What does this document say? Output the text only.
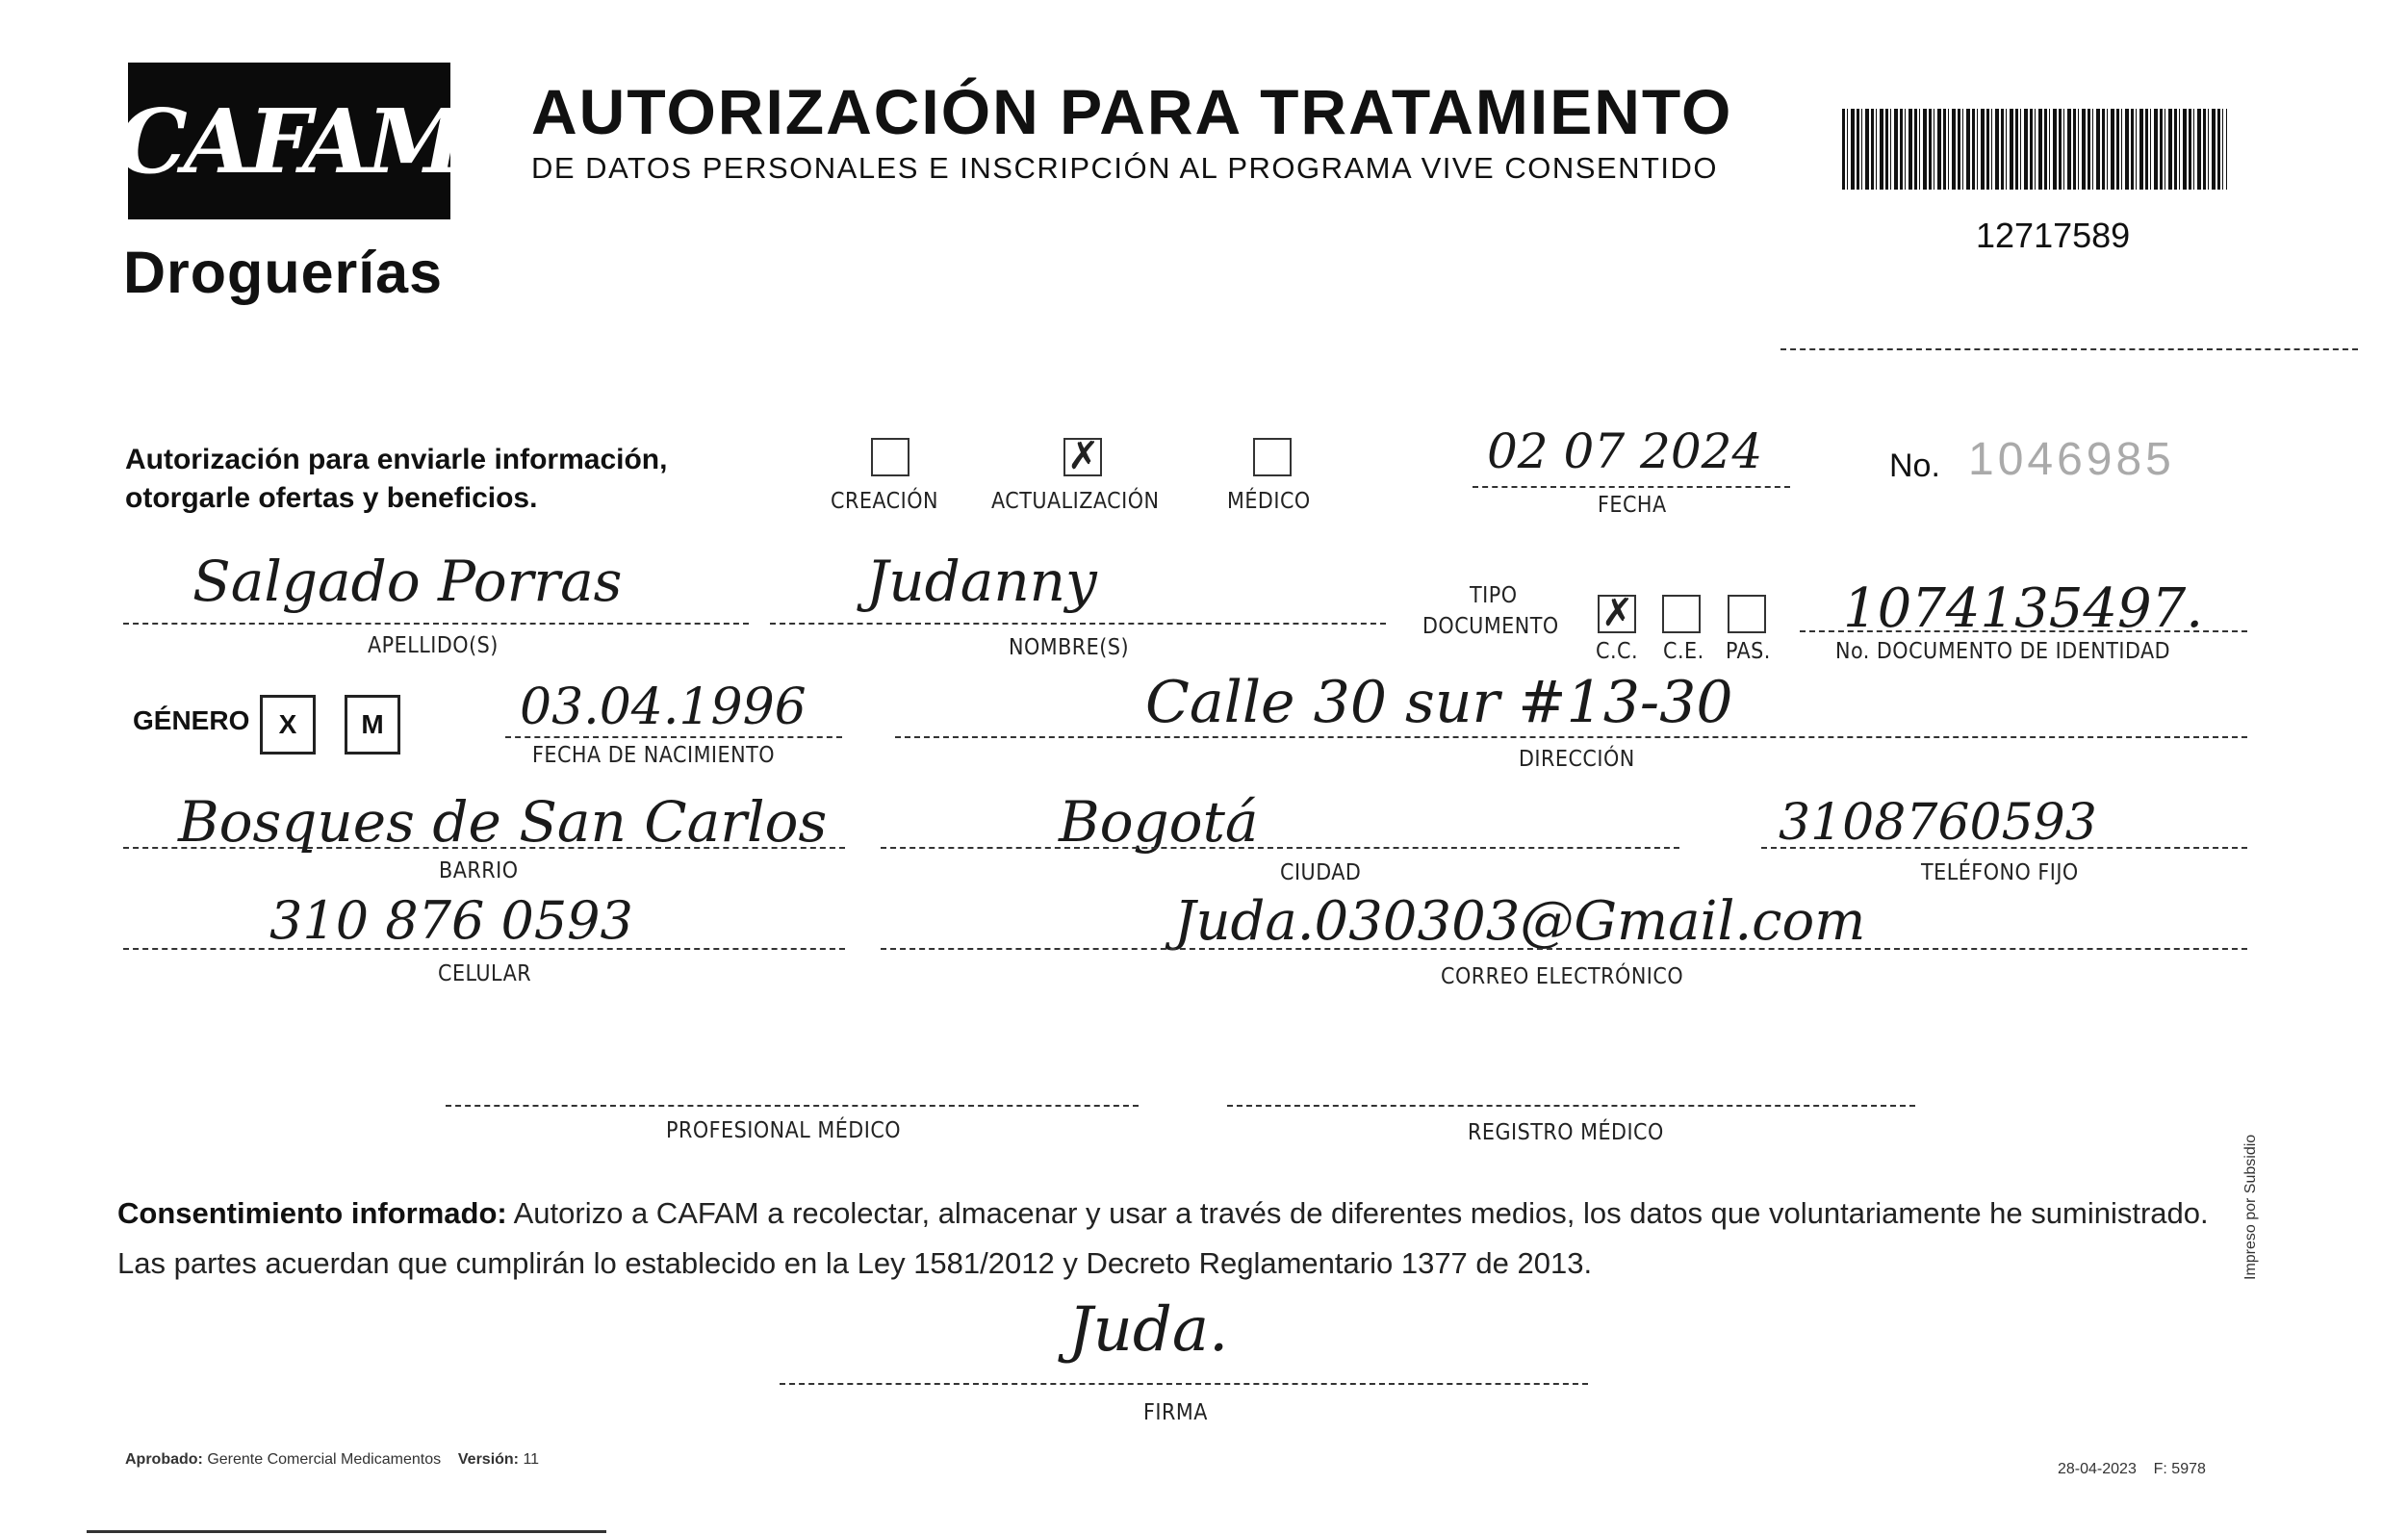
CAFAM
Droguerías
AUTORIZACIÓN PARA TRATAMIENTO
DE DATOS PERSONALES E INSCRIPCIÓN AL PROGRAMA VIVE CONSENTIDO
12717589
Autorización para enviarle información,
otorgarle ofertas y beneficios.	CREACIÓN
✗ ACTUALIZACIÓN	MÉDICO
02 07 2024
FECHA
No. 1046985
Salgado Porras
APELLIDO(S)
Judanny
NOMBRE(S)
TIPO
DOCUMENTO
✗
C.C. C.E. PAS.
1074135497.
No. DOCUMENTO DE IDENTIDAD
GÉNERO	X	M	03.04.1996
FECHA DE NACIMIENTO
Calle 30 sur #13-30
DIRECCIÓN
Bosques de San Carlos
BARRIO
Bogotá
CIUDAD
3108760593
TELÉFONO FIJO
310 876 0593
CELULAR
Juda.030303@Gmail.com
CORREO ELECTRÓNICO
PROFESIONAL MÉDICO	REGISTRO MÉDICO
Consentimiento informado: Autorizo a CAFAM a recolectar, almacenar y usar a través de diferentes medios, los datos que voluntariamente he suministrado. Las partes acuerdan que cumplirán lo establecido en la Ley 1581/2012 y Decreto Reglamentario 1377 de 2013.
Juda.
FIRMA
Aprobado: Gerente Comercial Medicamentos Versión: 11
28-04-2023 F: 5978
Impreso por Subsidio
